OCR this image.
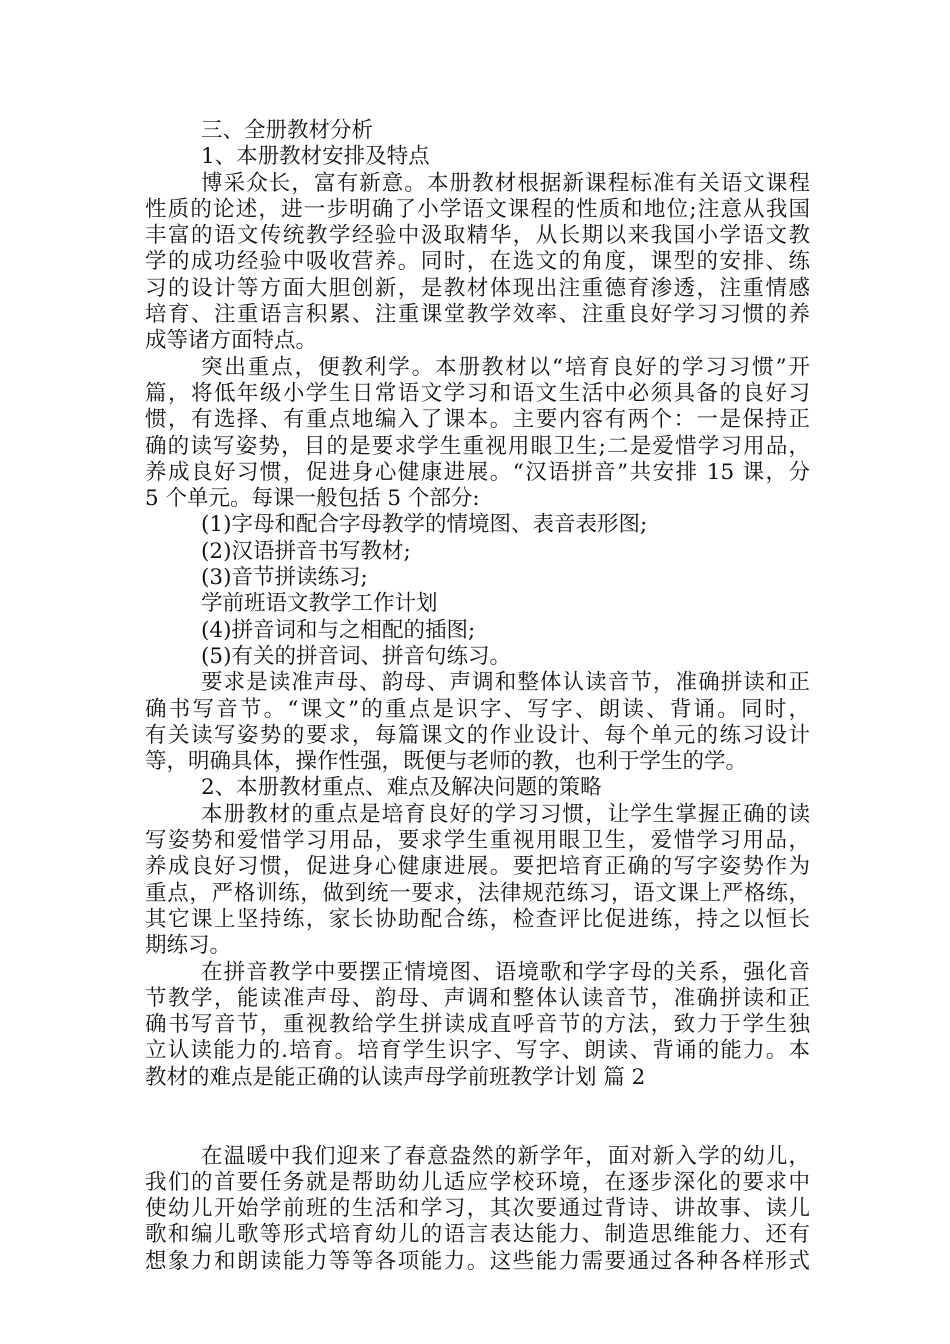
三、全册教材分析
1、本册教材安排及特点
博采众长，富有新意。本册教材根据新课程标准有关语文课程
性质的论述，进一步明确了小学语文课程的性质和地位;注意从我国
丰富的语文传统教学经验中汲取精华，从长期以来我国小学语文教
学的成功经验中吸收营养。同时，在选文的角度，课型的安排、练
习的设计等方面大胆创新，是教材体现出注重德育渗透，注重情感
培育、注重语言积累、注重课堂教学效率、注重良好学习习惯的养
成等诸方面特点。
突出重点，便教利学。本册教材以“培育良好的学习习惯”开
篇，将低年级小学生日常语文学习和语文生活中必须具备的良好习
惯，有选择、有重点地编入了课本。主要内容有两个：一是保持正
确的读写姿势，目的是要求学生重视用眼卫生;二是爱惜学习用品，
养成良好习惯，促进身心健康进展。“汉语拼音”共安排 15 课，分
5 个单元。每课一般包括 5 个部分:
(1)字母和配合字母教学的情境图、表音表形图;
(2)汉语拼音书写教材;
(3)音节拼读练习;
学前班语文教学工作计划
(4)拼音词和与之相配的插图;
(5)有关的拼音词、拼音句练习。
要求是读准声母、韵母、声调和整体认读音节，准确拼读和正
确书写音节。“课文”的重点是识字、写字、朗读、背诵。同时，
有关读写姿势的要求，每篇课文的作业设计、每个单元的练习设计
等，明确具体，操作性强，既便与老师的教，也利于学生的学。
2、本册教材重点、难点及解决问题的策略
本册教材的重点是培育良好的学习习惯，让学生掌握正确的读
写姿势和爱惜学习用品，要求学生重视用眼卫生，爱惜学习用品，
养成良好习惯，促进身心健康进展。要把培育正确的写字姿势作为
重点，严格训练，做到统一要求，法律规范练习，语文课上严格练，
其它课上坚持练，家长协助配合练，检查评比促进练，持之以恒长
期练习。
在拼音教学中要摆正情境图、语境歌和学字母的关系，强化音
节教学，能读准声母、韵母、声调和整体认读音节，准确拼读和正
确书写音节，重视教给学生拼读成直呼音节的方法，致力于学生独
立认读能力的.培育。培育学生识字、写字、朗读、背诵的能力。本
教材的难点是能正确的认读声母学前班教学计划 篇 2
在温暖中我们迎来了春意盎然的新学年，面对新入学的幼儿，
我们的首要任务就是帮助幼儿适应学校环境，在逐步深化的要求中
使幼儿开始学前班的生活和学习，其次要通过背诗、讲故事、读儿
歌和编儿歌等形式培育幼儿的语言表达能力、制造思维能力、还有
想象力和朗读能力等等各项能力。这些能力需要通过各种各样形式
